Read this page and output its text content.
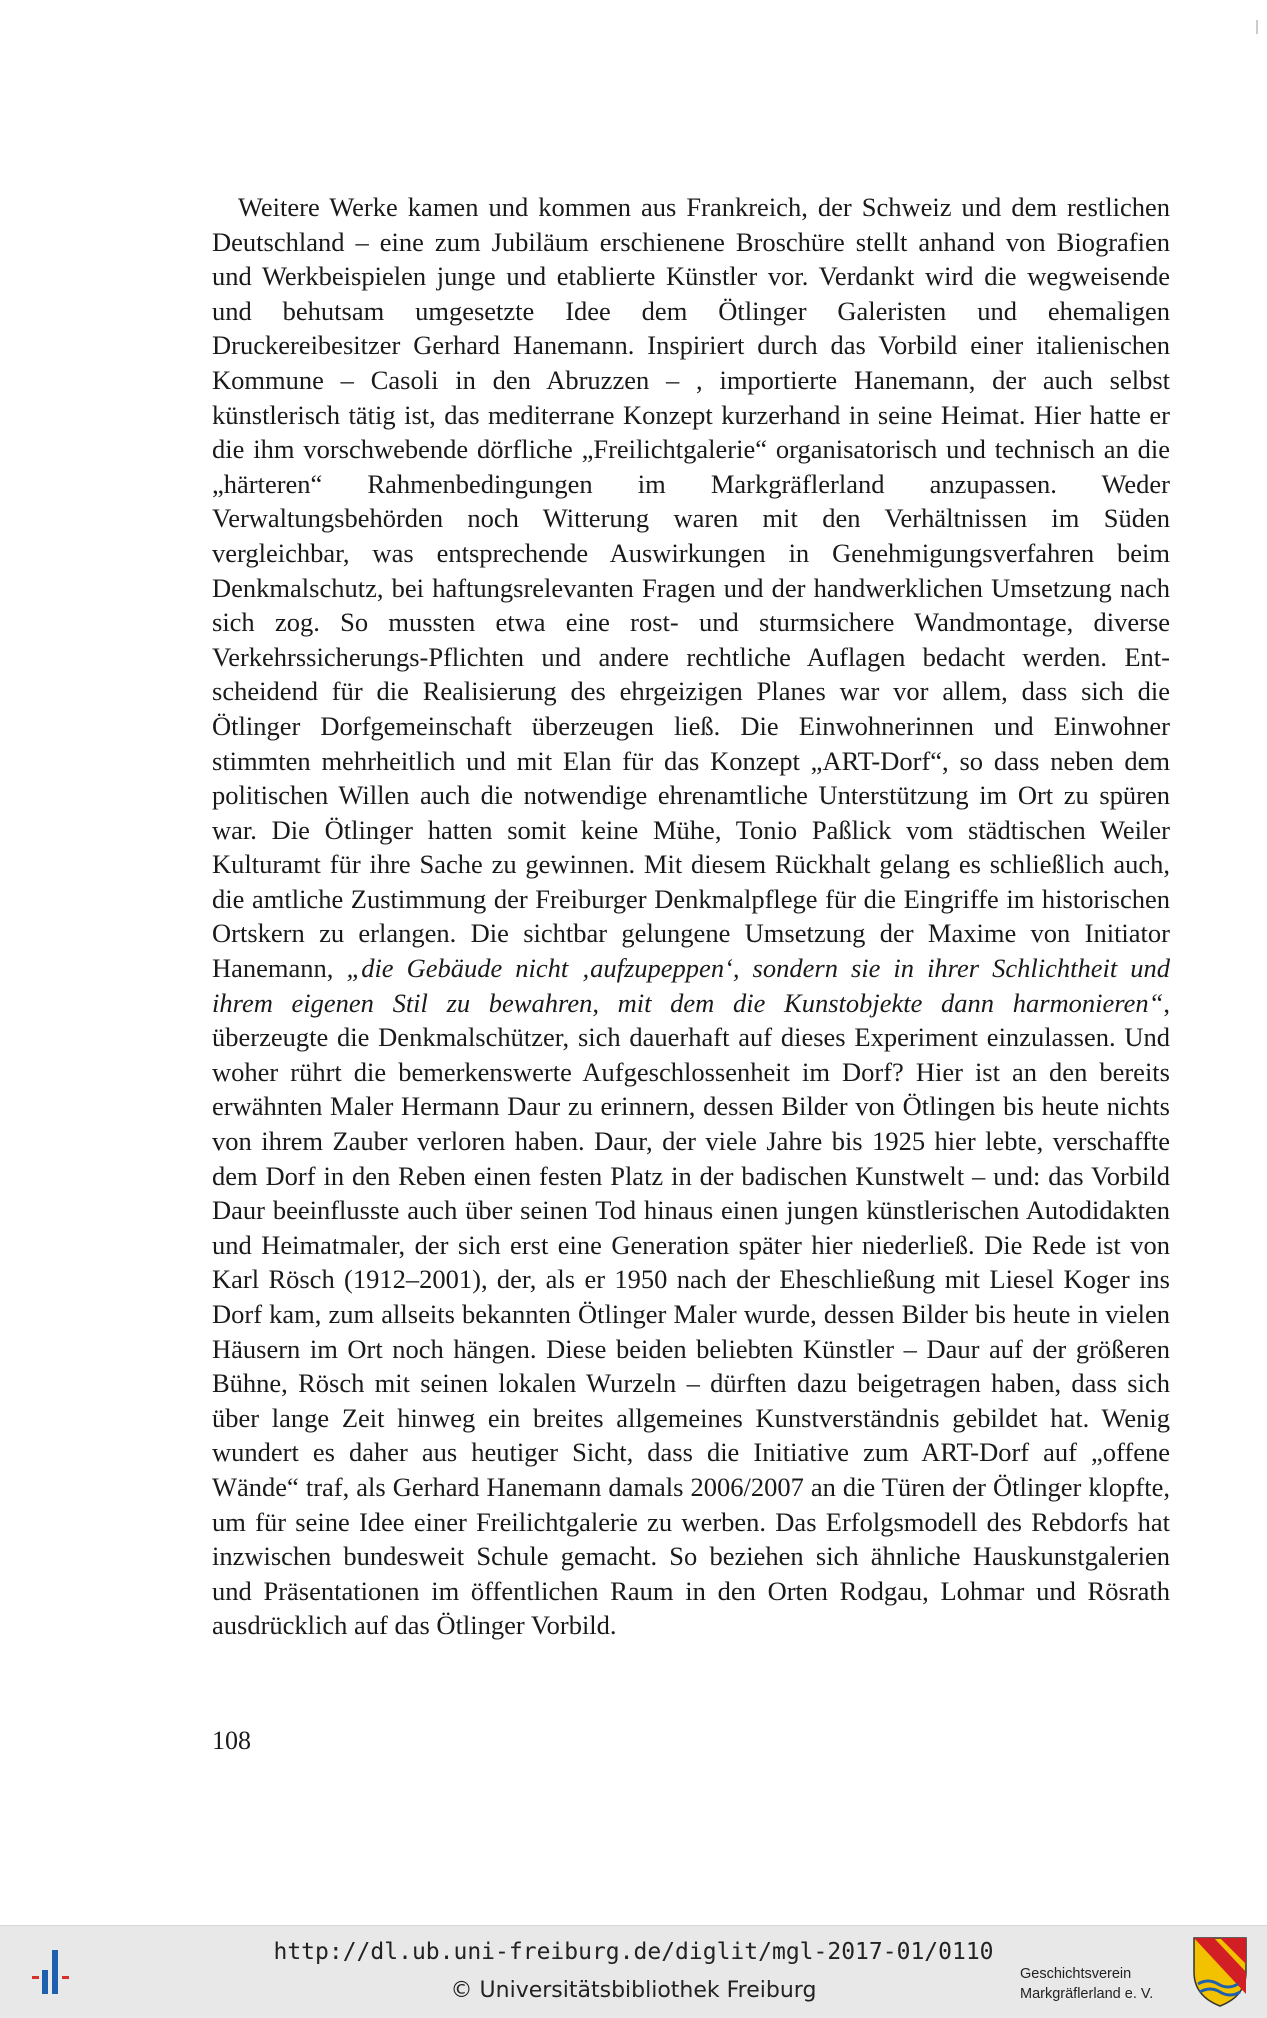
Weitere Werke kamen und kommen aus Frankreich, der Schweiz und dem restlichen Deutschland – eine zum Jubiläum erschienene Broschüre stellt anhand von Biografien und Werkbeispielen junge und etablierte Künstler vor. Verdankt wird die wegweisende und behutsam umgesetzte Idee dem Ötlinger Galeristen und ehemaligen Druckereibesitzer Gerhard Hanemann. Inspiriert durch das Vorbild einer italienischen Kommune – Casoli in den Abruzzen – , importierte Hanemann, der auch selbst künstlerisch tätig ist, das mediterrane Konzept kurzerhand in seine Heimat. Hier hatte er die ihm vorschwebende dörfliche „Freilichtgalerie“ organisatorisch und technisch an die „härteren“ Rahmenbedingungen im Markgräflerland anzupassen. Weder Verwaltungsbehörden noch Witterung waren mit den Verhältnissen im Süden vergleichbar, was entsprechende Auswirkungen in Genehmigungsverfahren beim Denkmalschutz, bei haftungsrelevanten Fragen und der handwerklichen Umsetzung nach sich zog. So mussten etwa eine rost- und sturmsichere Wandmontage, diverse Verkehrssicherungs-Pflichten und andere rechtliche Auflagen bedacht werden. Entscheidend für die Realisierung des ehrgeizigen Planes war vor allem, dass sich die Ötlinger Dorfgemeinschaft überzeugen ließ. Die Einwohnerinnen und Einwohner stimmten mehrheitlich und mit Elan für das Konzept „ART-Dorf“, so dass neben dem politischen Willen auch die notwendige ehrenamtliche Unterstützung im Ort zu spüren war. Die Ötlinger hatten somit keine Mühe, Tonio Paßlick vom städtischen Weiler Kulturamt für ihre Sache zu gewinnen. Mit diesem Rückhalt gelang es schließlich auch, die amtliche Zustimmung der Freiburger Denkmalpflege für die Eingriffe im historischen Ortskern zu erlangen. Die sichtbar gelungene Umsetzung der Maxime von Initiator Hanemann, „die Gebäude nicht ‚aufzupeppen‘, sondern sie in ihrer Schlichtheit und ihrem eigenen Stil zu bewahren, mit dem die Kunstobjekte dann harmonieren“, überzeugte die Denkmalschützer, sich dauerhaft auf dieses Experiment einzulassen. Und woher rührt die bemerkenswerte Aufgeschlossenheit im Dorf? Hier ist an den bereits erwähnten Maler Hermann Daur zu erinnern, dessen Bilder von Ötlingen bis heute nichts von ihrem Zauber verloren haben. Daur, der viele Jahre bis 1925 hier lebte, verschaffte dem Dorf in den Reben einen festen Platz in der badischen Kunstwelt – und: das Vorbild Daur beeinflusste auch über seinen Tod hinaus einen jungen künstlerischen Autodidakten und Heimatmaler, der sich erst eine Generation später hier niederließ. Die Rede ist von Karl Rösch (1912–2001), der, als er 1950 nach der Eheschließung mit Liesel Koger ins Dorf kam, zum allseits bekannten Ötlinger Maler wurde, dessen Bilder bis heute in vielen Häusern im Ort noch hängen. Diese beiden beliebten Künstler – Daur auf der größeren Bühne, Rösch mit seinen lokalen Wurzeln – dürften dazu beigetragen haben, dass sich über lange Zeit hinweg ein breites allgemeines Kunstverständnis gebildet hat. Wenig wundert es daher aus heutiger Sicht, dass die Initiative zum ART-Dorf auf „offene Wände“ traf, als Gerhard Hanemann damals 2006/2007 an die Türen der Ötlinger klopfte, um für seine Idee einer Freilichtgalerie zu werben. Das Erfolgsmodell des Rebdorfs hat inzwischen bundesweit Schule gemacht. So beziehen sich ähnliche Hauskunstgalerien und Präsentationen im öffentlichen Raum in den Orten Rodgau, Lohmar und Rösrath ausdrücklich auf das Ötlinger Vorbild.

108
http://dl.ub.uni-freiburg.de/diglit/mgl-2017-01/0110
© Universitätsbibliothek Freiburg
Geschichtsverein
Markgräflerland e. V.
